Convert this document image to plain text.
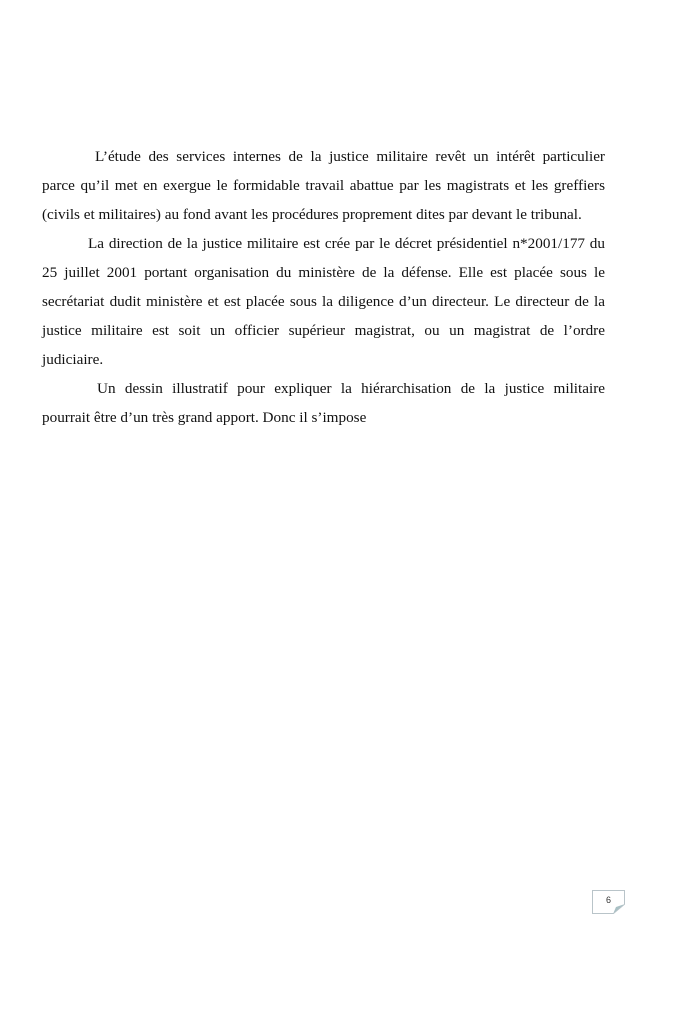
L’étude des services internes de la justice militaire revêt un intérêt particulier
parce qu’il met en exergue le formidable travail abattue par les magistrats et les greffiers
(civils et militaires) au fond avant les procédures proprement dites par devant le tribunal.
La direction de la justice militaire est crée par le décret présidentiel n*2001/177 du
25 juillet 2001 portant organisation du ministère de la défense. Elle est placée sous le
secrétariat dudit ministère et est placée sous la diligence d’un directeur. Le directeur de la
justice militaire est soit un officier supérieur magistrat, ou un magistrat de l’ordre
judiciaire.
Un dessin illustratif pour expliquer la hiérarchisation de la justice militaire
pourrait être d’un très grand apport. Donc il s’impose
6
